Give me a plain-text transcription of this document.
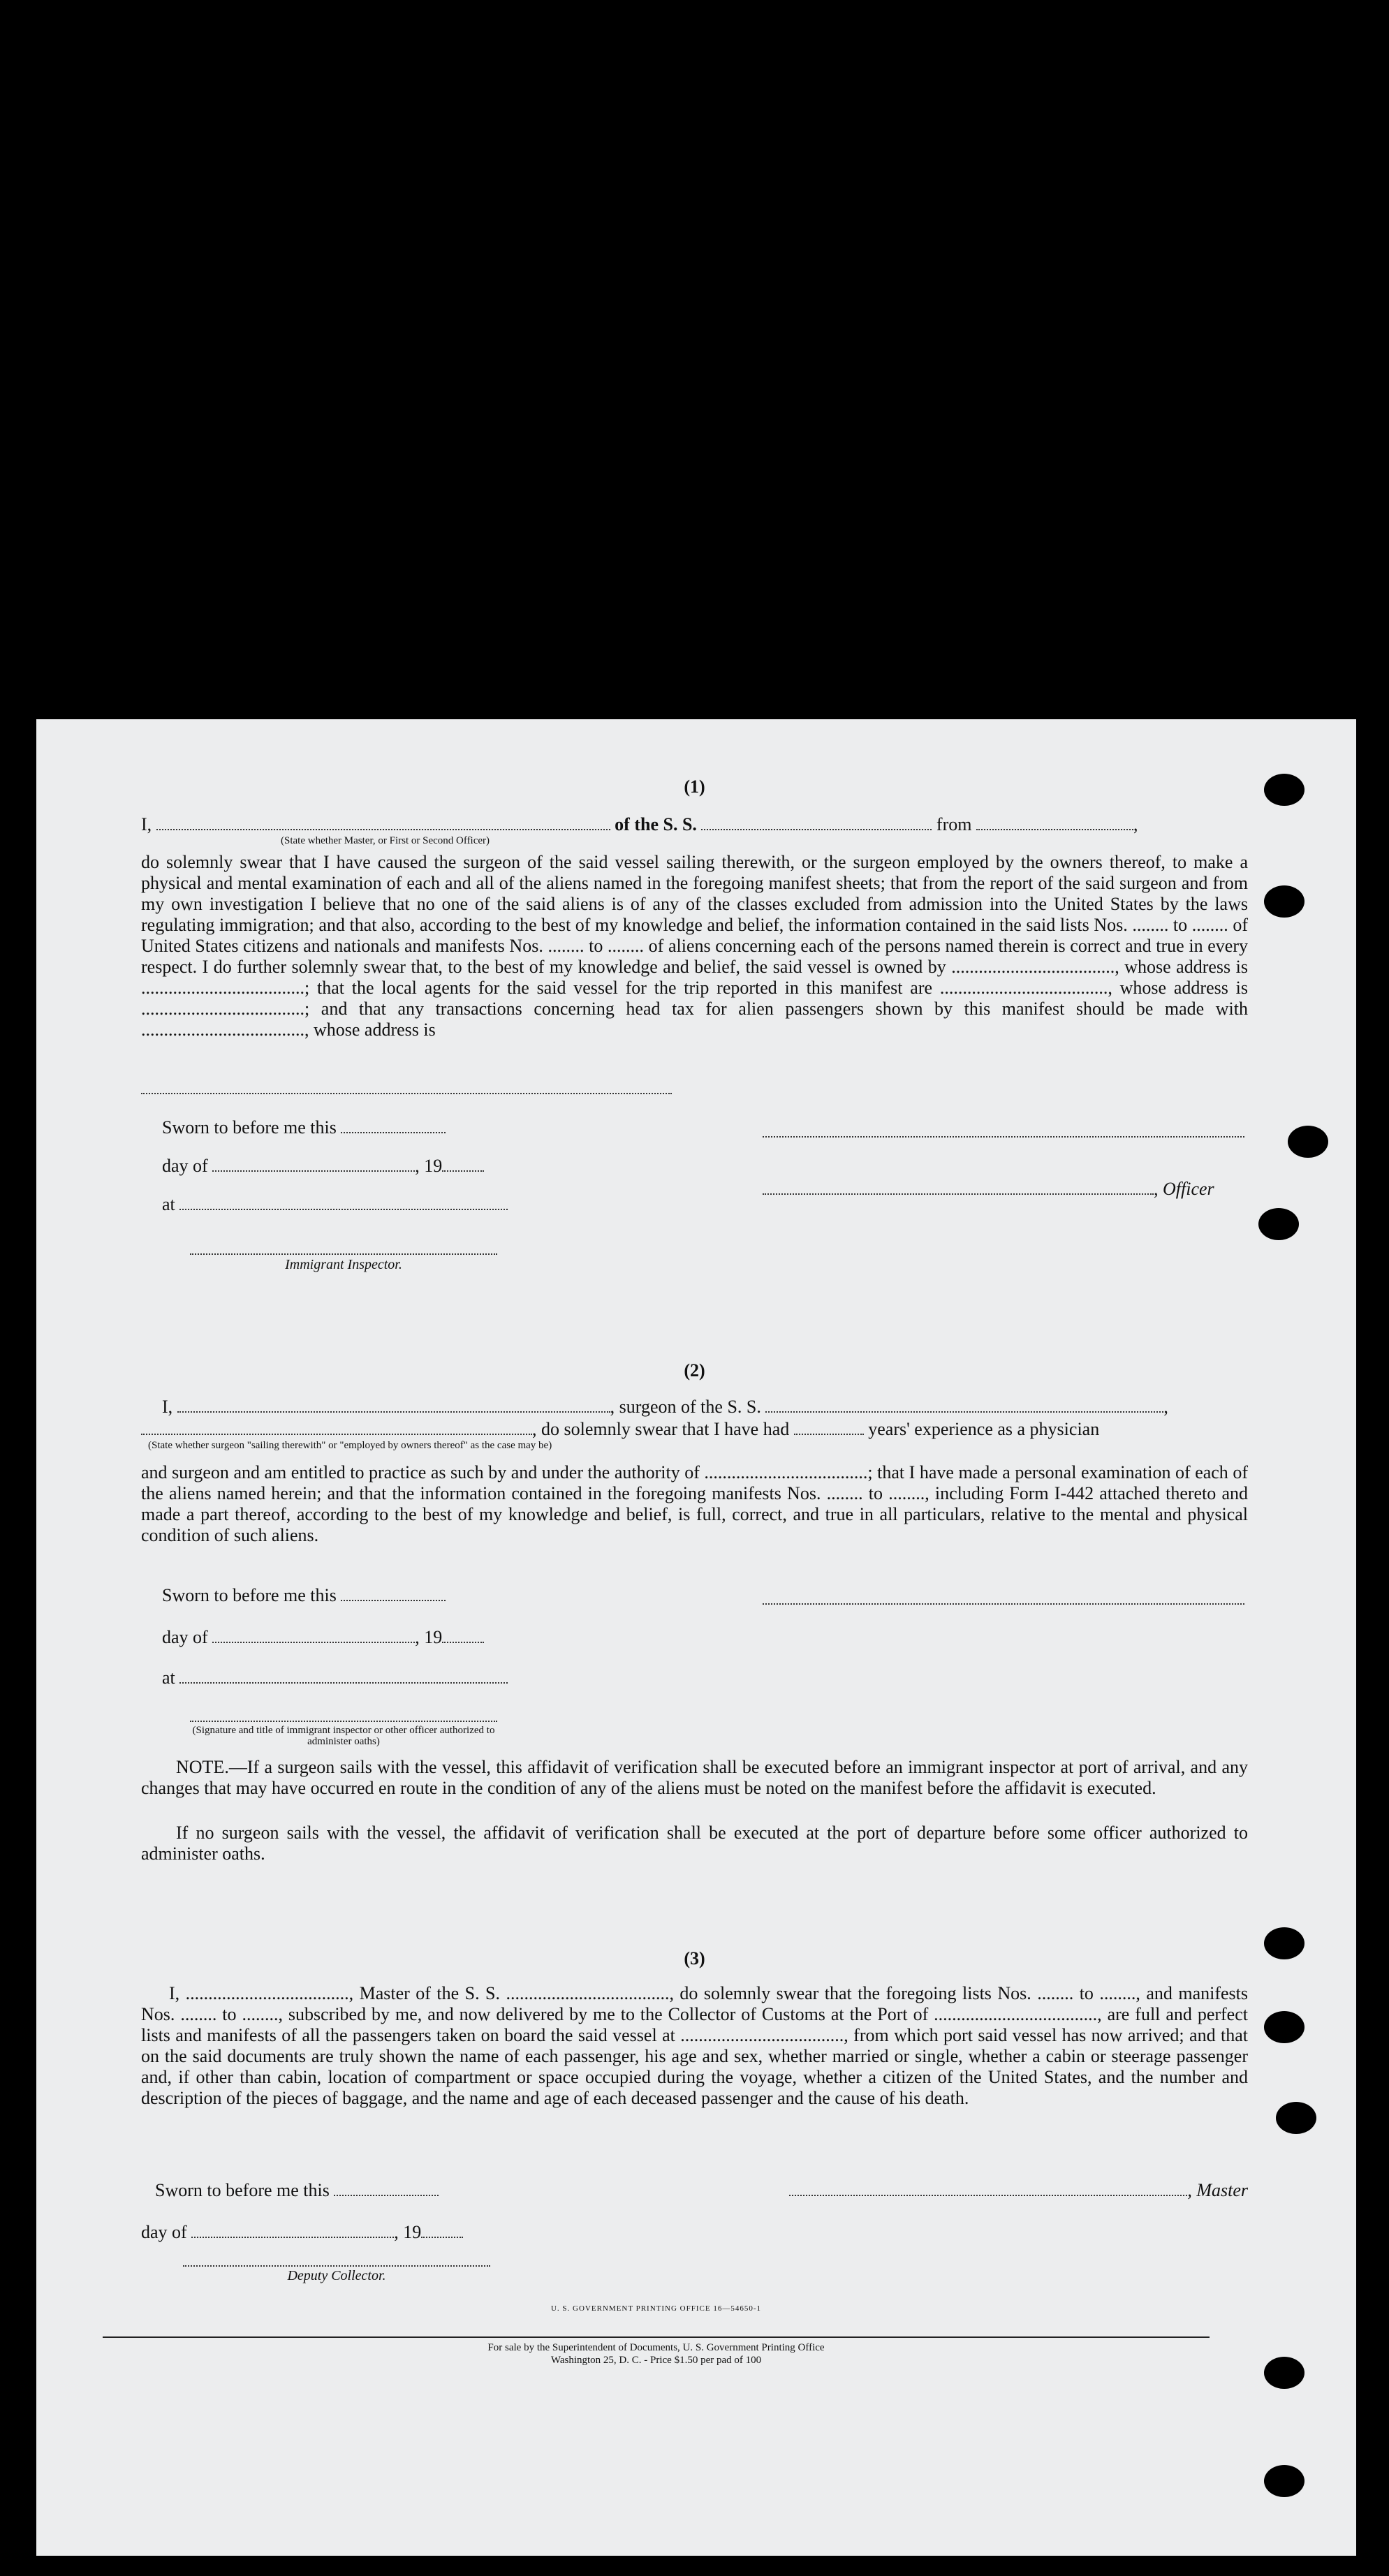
(1)
I,	of the S. S.	from	,
(State whether Master, or First or Second Officer)
do solemnly swear that I have caused the surgeon of the said vessel sailing therewith, or the surgeon employed by the owners thereof, to make a physical and mental examination of each and all of the aliens named in the foregoing manifest sheets; that from the report of the said surgeon and from my own investigation I believe that no one of the said aliens is of any of the classes excluded from admission into the United States by the laws regulating immigration; and that also, according to the best of my knowledge and belief, the information contained in the said lists Nos. ........ to ........ of United States citizens and nationals and manifests Nos. ........ to ........ of aliens concerning each of the persons named therein is correct and true in every respect. I do further solemnly swear that, to the best of my knowledge and belief, the said vessel is owned by ...................................., whose address is ....................................; that the local agents for the said vessel for the trip reported in this manifest are ....................................., whose address is ....................................; and that any transactions concerning head tax for alien passengers shown by this manifest should be made with ...................................., whose address is
Sworn to before me this
day of	, 19
, Officer
at
Immigrant Inspector.
(2)
I,	, surgeon of the S. S.	,
, do solemnly swear that I have had	years' experience as a physician
(State whether surgeon "sailing therewith" or "employed by owners thereof" as the case may be)
and surgeon and am entitled to practice as such by and under the authority of ....................................; that I have made a personal examination of each of the aliens named herein; and that the information contained in the foregoing manifests Nos. ........ to ........, including Form I-442 attached thereto and made a part thereof, according to the best of my knowledge and belief, is full, correct, and true in all particulars, relative to the mental and physical condition of such aliens.
Sworn to before me this
day of	, 19
at
(Signature and title of immigrant inspector or other officer authorized to administer oaths)
NOTE.—If a surgeon sails with the vessel, this affidavit of verification shall be executed before an immigrant inspector at port of arrival, and any changes that may have occurred en route in the condition of any of the aliens must be noted on the manifest before the affidavit is executed.
If no surgeon sails with the vessel, the affidavit of verification shall be executed at the port of departure before some officer authorized to administer oaths.
(3)
I, ...................................., Master of the S. S. ...................................., do solemnly swear that the foregoing lists Nos. ........ to ........, and manifests Nos. ........ to ........, subscribed by me, and now delivered by me to the Collector of Customs at the Port of ...................................., are full and perfect lists and manifests of all the passengers taken on board the said vessel at ...................................., from which port said vessel has now arrived; and that on the said documents are truly shown the name of each passenger, his age and sex, whether married or single, whether a cabin or steerage passenger and, if other than cabin, location of compartment or space occupied during the voyage, whether a citizen of the United States, and the number and description of the pieces of baggage, and the name and age of each deceased passenger and the cause of his death.
Sworn to before me this	, Master
day of	, 19
Deputy Collector.
U. S. GOVERNMENT PRINTING OFFICE 16—54650-1
For sale by the Superintendent of Documents, U. S. Government Printing Office
Washington 25, D. C. - Price $1.50 per pad of 100
